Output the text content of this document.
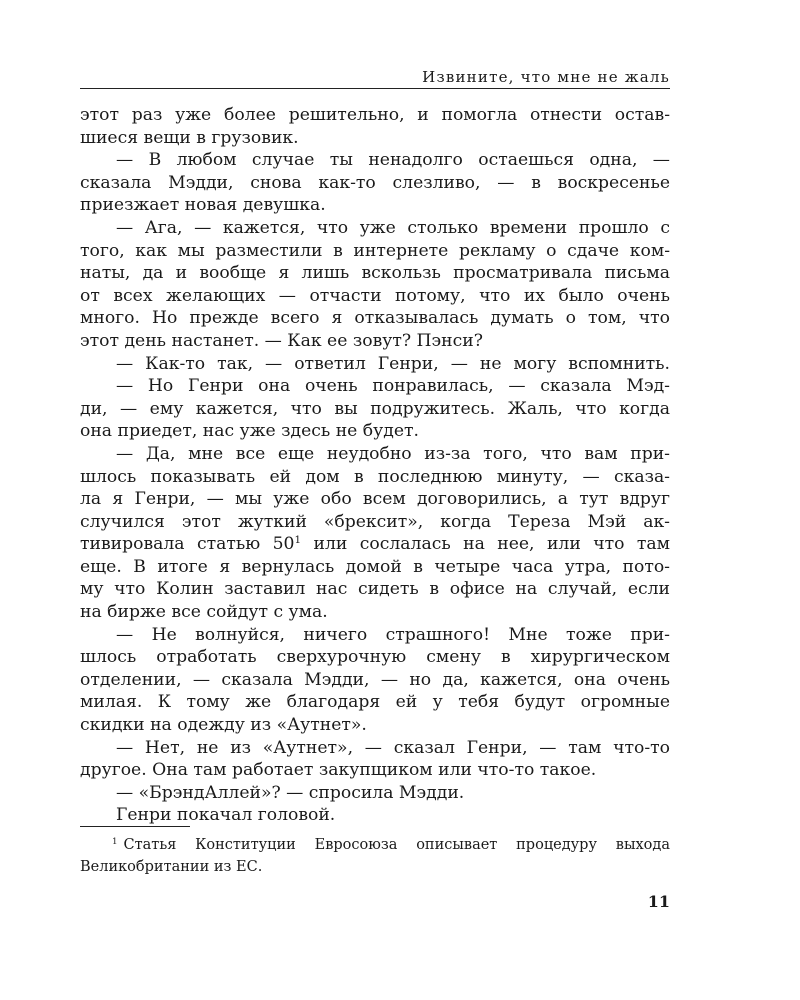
Извините, что мне не жаль
этот раз уже более решительно, и помогла отнести остав-
шиеся вещи в грузовик.
— В любом случае ты ненадолго остаешься одна, —
сказала Мэдди, снова как-то слезливо, — в воскресенье
приезжает новая девушка.
— Ага, — кажется, что уже столько времени прошло с
того, как мы разместили в интернете рекламу о сдаче ком-
наты, да и вообще я лишь вскользь просматривала письма
от всех желающих — отчасти потому, что их было очень
много. Но прежде всего я отказывалась думать о том, что
этот день настанет. — Как ее зовут? Пэнси?
— Как-то так, — ответил Генри, — не могу вспомнить.
— Но Генри она очень понравилась, — сказала Мэд-
ди, — ему кажется, что вы подружитесь. Жаль, что когда
она приедет, нас уже здесь не будет.
— Да, мне все еще неудобно из-за того, что вам при-
шлось показывать ей дом в последнюю минуту, — сказа-
ла я Генри, — мы уже обо всем договорились, а тут вдруг
случился этот жуткий «брексит», когда Тереза Мэй ак-
тивировала статью $50^1$ или сослалась на нее, или что там
еще. В итоге я вернулась домой в четыре часа утра, пото-
му что Колин заставил нас сидеть в офисе на случай, если
на бирже все сойдут с ума.
— Не волнуйся, ничего страшного! Мне тоже при-
шлось отработать сверхурочную смену в хирургическом
отделении, — сказала Мэдди, — но да, кажется, она очень
милая. К тому же благодаря ей у тебя будут огромные
скидки на одежду из «Аутнет».
— Нет, не из «Аутнет», — сказал Генри, — там что-то
другое. Она там работает закупщиком или что-то такое.
— «БрэндАллей»? — спросила Мэдди.
Генри покачал головой.
$^1$ Статья Конституции Евросоюза описывает процедуру выхода
Великобритании из ЕС.
11
